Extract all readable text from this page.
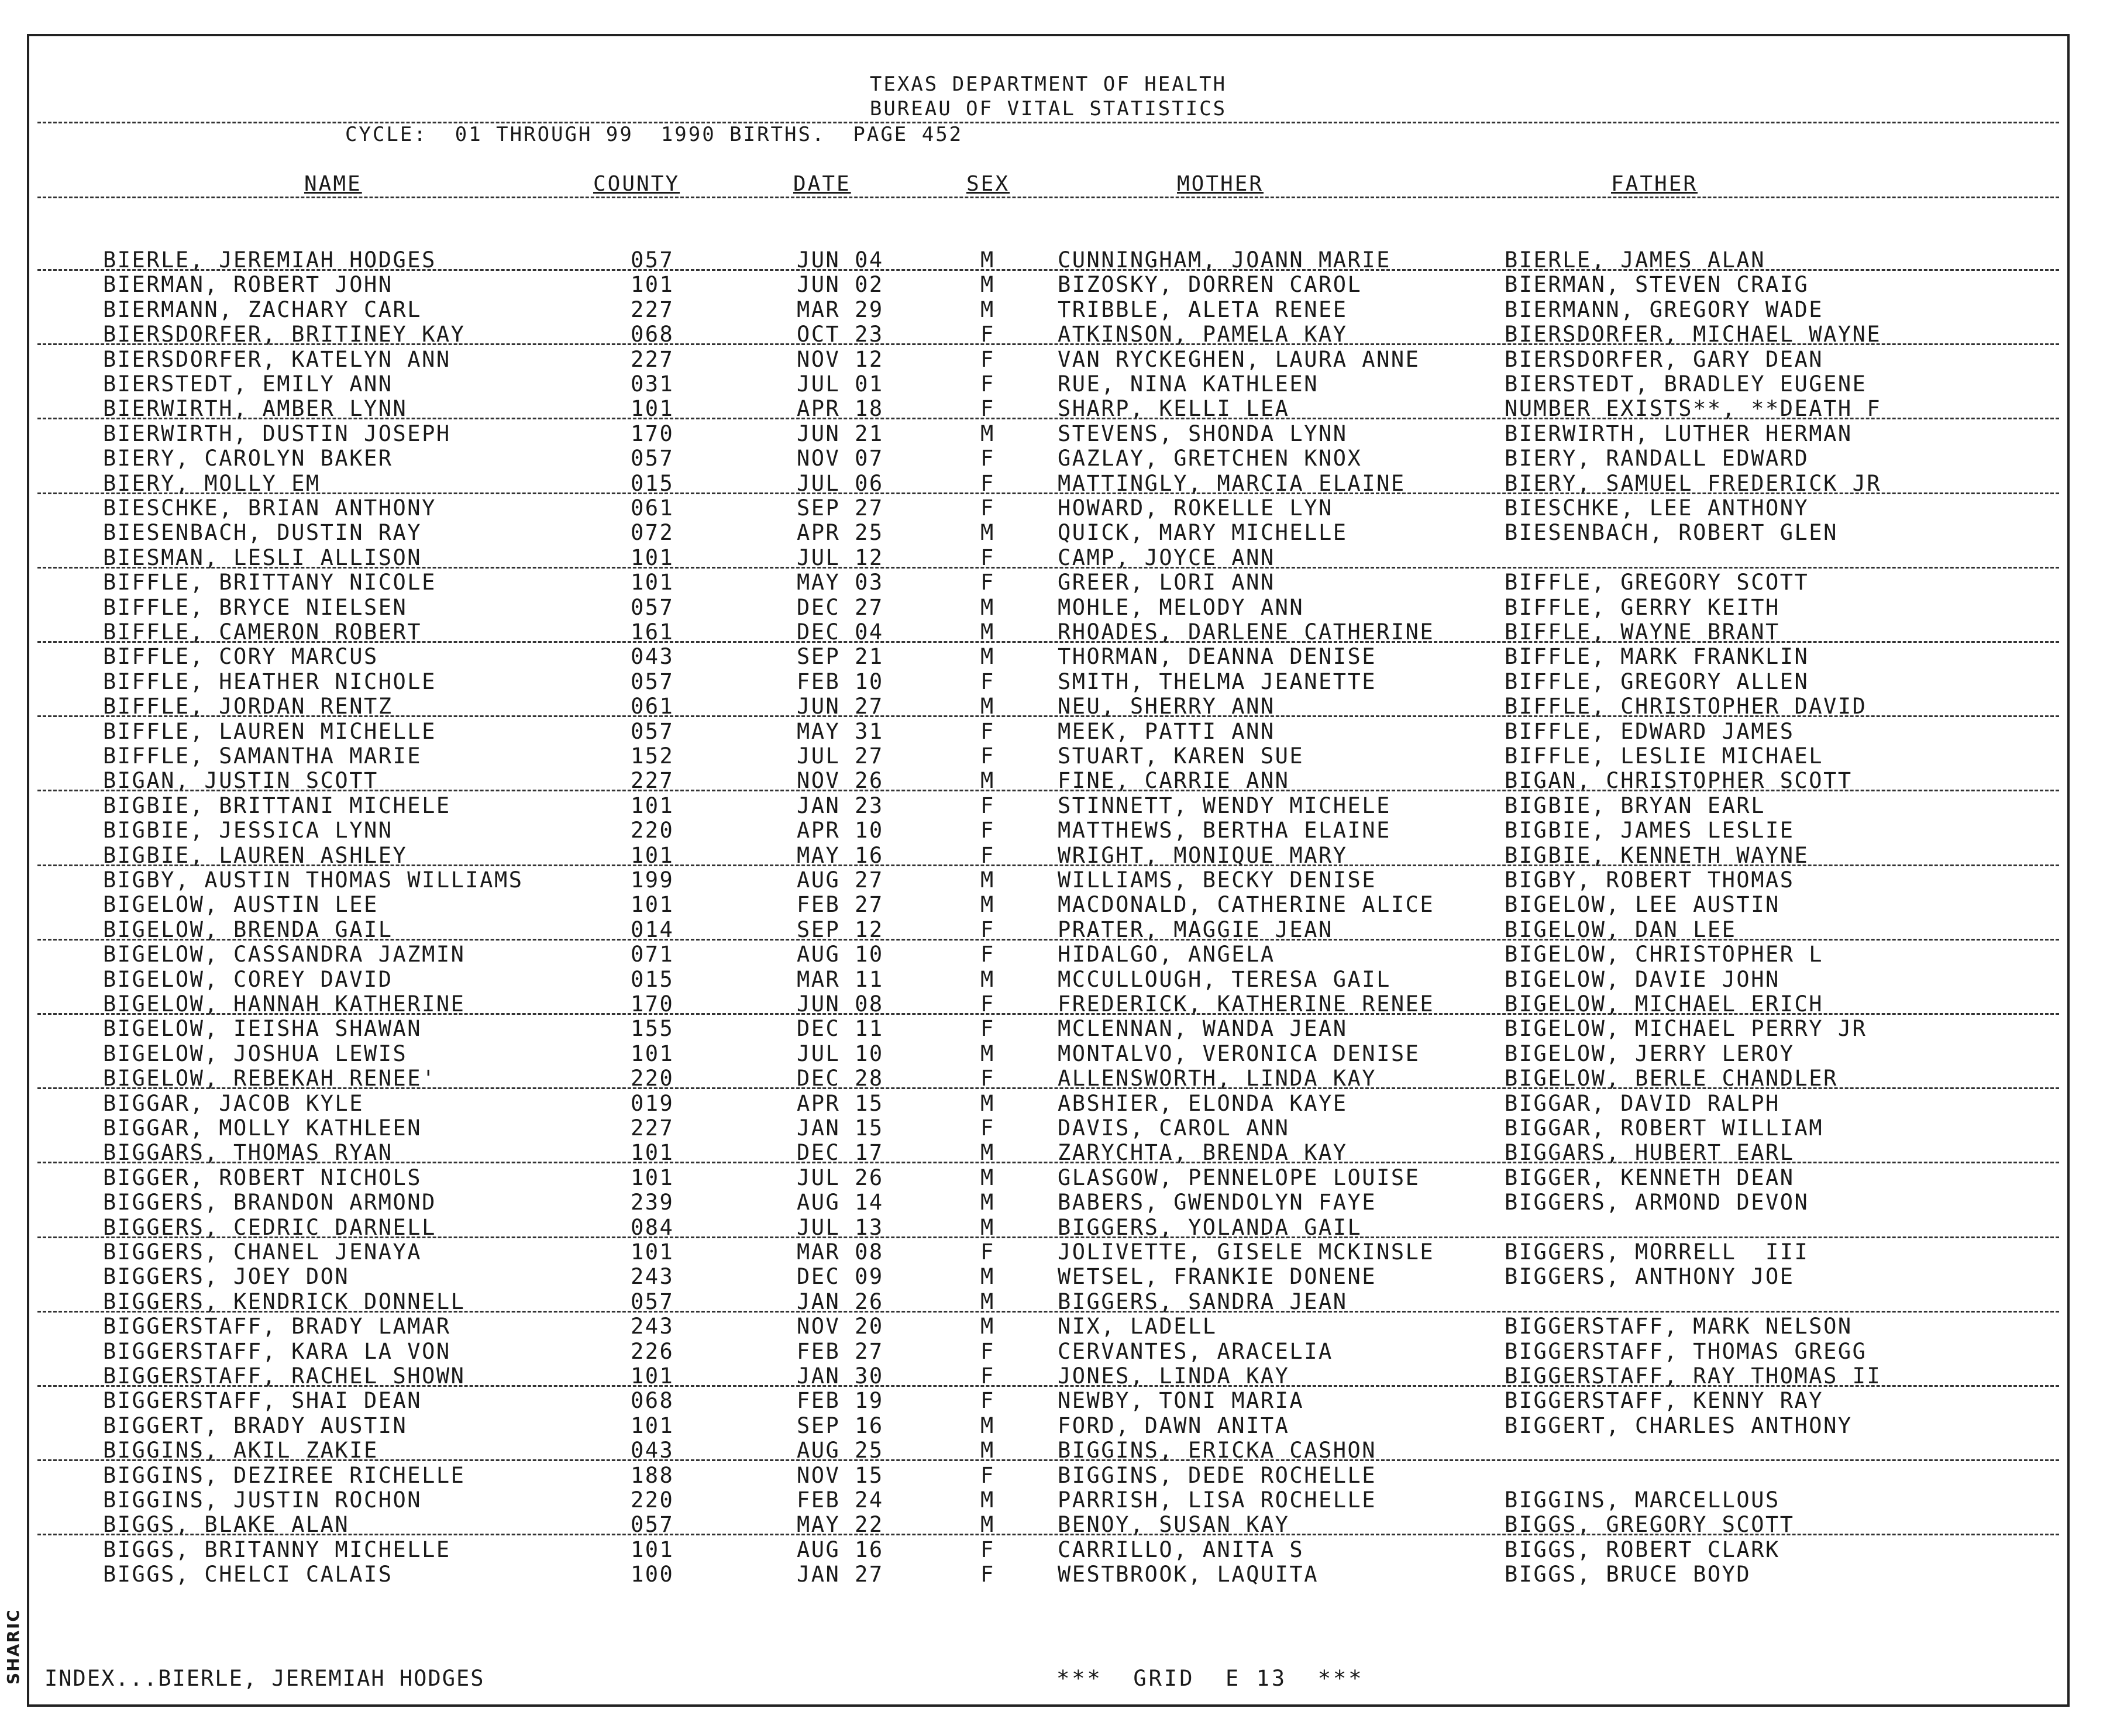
TEXAS DEPARTMENT OF HEALTH
BUREAU OF VITAL STATISTICS
CYCLE:  01 THROUGH 99  1990 BIRTHS.  PAGE 452
NAME	COUNTY	DATE	SEX	MOTHER	FATHER
BIERLE, JEREMIAH HODGES	057	JUN 04	M	CUNNINGHAM, JOANN MARIE	BIERLE, JAMES ALAN
BIERMAN, ROBERT JOHN	101	JUN 02	M	BIZOSKY, DORREN CAROL	BIERMAN, STEVEN CRAIG
BIERMANN, ZACHARY CARL	227	MAR 29	M	TRIBBLE, ALETA RENEE	BIERMANN, GREGORY WADE
BIERSDORFER, BRITINEY KAY	068	OCT 23	F	ATKINSON, PAMELA KAY	BIERSDORFER, MICHAEL WAYNE
BIERSDORFER, KATELYN ANN	227	NOV 12	F	VAN RYCKEGHEN, LAURA ANNE	BIERSDORFER, GARY DEAN
BIERSTEDT, EMILY ANN	031	JUL 01	F	RUE, NINA KATHLEEN	BIERSTEDT, BRADLEY EUGENE
BIERWIRTH, AMBER LYNN	101	APR 18	F	SHARP, KELLI LEA	NUMBER EXISTS**, **DEATH F
BIERWIRTH, DUSTIN JOSEPH	170	JUN 21	M	STEVENS, SHONDA LYNN	BIERWIRTH, LUTHER HERMAN
BIERY, CAROLYN BAKER	057	NOV 07	F	GAZLAY, GRETCHEN KNOX	BIERY, RANDALL EDWARD
BIERY, MOLLY EM	015	JUL 06	F	MATTINGLY, MARCIA ELAINE	BIERY, SAMUEL FREDERICK JR
BIESCHKE, BRIAN ANTHONY	061	SEP 27	F	HOWARD, ROKELLE LYN	BIESCHKE, LEE ANTHONY
BIESENBACH, DUSTIN RAY	072	APR 25	M	QUICK, MARY MICHELLE	BIESENBACH, ROBERT GLEN
BIESMAN, LESLI ALLISON	101	JUL 12	F	CAMP, JOYCE ANN
BIFFLE, BRITTANY NICOLE	101	MAY 03	F	GREER, LORI ANN	BIFFLE, GREGORY SCOTT
BIFFLE, BRYCE NIELSEN	057	DEC 27	M	MOHLE, MELODY ANN	BIFFLE, GERRY KEITH
BIFFLE, CAMERON ROBERT	161	DEC 04	M	RHOADES, DARLENE CATHERINE	BIFFLE, WAYNE BRANT
BIFFLE, CORY MARCUS	043	SEP 21	M	THORMAN, DEANNA DENISE	BIFFLE, MARK FRANKLIN
BIFFLE, HEATHER NICHOLE	057	FEB 10	F	SMITH, THELMA JEANETTE	BIFFLE, GREGORY ALLEN
BIFFLE, JORDAN RENTZ	061	JUN 27	M	NEU, SHERRY ANN	BIFFLE, CHRISTOPHER DAVID
BIFFLE, LAUREN MICHELLE	057	MAY 31	F	MEEK, PATTI ANN	BIFFLE, EDWARD JAMES
BIFFLE, SAMANTHA MARIE	152	JUL 27	F	STUART, KAREN SUE	BIFFLE, LESLIE MICHAEL
BIGAN, JUSTIN SCOTT	227	NOV 26	M	FINE, CARRIE ANN	BIGAN, CHRISTOPHER SCOTT
BIGBIE, BRITTANI MICHELE	101	JAN 23	F	STINNETT, WENDY MICHELE	BIGBIE, BRYAN EARL
BIGBIE, JESSICA LYNN	220	APR 10	F	MATTHEWS, BERTHA ELAINE	BIGBIE, JAMES LESLIE
BIGBIE, LAUREN ASHLEY	101	MAY 16	F	WRIGHT, MONIQUE MARY	BIGBIE, KENNETH WAYNE
BIGBY, AUSTIN THOMAS WILLIAMS	199	AUG 27	M	WILLIAMS, BECKY DENISE	BIGBY, ROBERT THOMAS
BIGELOW, AUSTIN LEE	101	FEB 27	M	MACDONALD, CATHERINE ALICE	BIGELOW, LEE AUSTIN
BIGELOW, BRENDA GAIL	014	SEP 12	F	PRATER, MAGGIE JEAN	BIGELOW, DAN LEE
BIGELOW, CASSANDRA JAZMIN	071	AUG 10	F	HIDALGO, ANGELA	BIGELOW, CHRISTOPHER L
BIGELOW, COREY DAVID	015	MAR 11	M	MCCULLOUGH, TERESA GAIL	BIGELOW, DAVIE JOHN
BIGELOW, HANNAH KATHERINE	170	JUN 08	F	FREDERICK, KATHERINE RENEE	BIGELOW, MICHAEL ERICH
BIGELOW, IEISHA SHAWAN	155	DEC 11	F	MCLENNAN, WANDA JEAN	BIGELOW, MICHAEL PERRY JR
BIGELOW, JOSHUA LEWIS	101	JUL 10	M	MONTALVO, VERONICA DENISE	BIGELOW, JERRY LEROY
BIGELOW, REBEKAH RENEE'	220	DEC 28	F	ALLENSWORTH, LINDA KAY	BIGELOW, BERLE CHANDLER
BIGGAR, JACOB KYLE	019	APR 15	M	ABSHIER, ELONDA KAYE	BIGGAR, DAVID RALPH
BIGGAR, MOLLY KATHLEEN	227	JAN 15	F	DAVIS, CAROL ANN	BIGGAR, ROBERT WILLIAM
BIGGARS, THOMAS RYAN	101	DEC 17	M	ZARYCHTA, BRENDA KAY	BIGGARS, HUBERT EARL
BIGGER, ROBERT NICHOLS	101	JUL 26	M	GLASGOW, PENNELOPE LOUISE	BIGGER, KENNETH DEAN
BIGGERS, BRANDON ARMOND	239	AUG 14	M	BABERS, GWENDOLYN FAYE	BIGGERS, ARMOND DEVON
BIGGERS, CEDRIC DARNELL	084	JUL 13	M	BIGGERS, YOLANDA GAIL
BIGGERS, CHANEL JENAYA	101	MAR 08	F	JOLIVETTE, GISELE MCKINSLE	BIGGERS, MORRELL  III
BIGGERS, JOEY DON	243	DEC 09	M	WETSEL, FRANKIE DONENE	BIGGERS, ANTHONY JOE
BIGGERS, KENDRICK DONNELL	057	JAN 26	M	BIGGERS, SANDRA JEAN
BIGGERSTAFF, BRADY LAMAR	243	NOV 20	M	NIX, LADELL	BIGGERSTAFF, MARK NELSON
BIGGERSTAFF, KARA LA VON	226	FEB 27	F	CERVANTES, ARACELIA	BIGGERSTAFF, THOMAS GREGG
BIGGERSTAFF, RACHEL SHOWN	101	JAN 30	F	JONES, LINDA KAY	BIGGERSTAFF, RAY THOMAS II
BIGGERSTAFF, SHAI DEAN	068	FEB 19	F	NEWBY, TONI MARIA	BIGGERSTAFF, KENNY RAY
BIGGERT, BRADY AUSTIN	101	SEP 16	M	FORD, DAWN ANITA	BIGGERT, CHARLES ANTHONY
BIGGINS, AKIL ZAKIE	043	AUG 25	M	BIGGINS, ERICKA CASHON
BIGGINS, DEZIREE RICHELLE	188	NOV 15	F	BIGGINS, DEDE ROCHELLE
BIGGINS, JUSTIN ROCHON	220	FEB 24	M	PARRISH, LISA ROCHELLE	BIGGINS, MARCELLOUS
BIGGS, BLAKE ALAN	057	MAY 22	M	BENOY, SUSAN KAY	BIGGS, GREGORY SCOTT
BIGGS, BRITANNY MICHELLE	101	AUG 16	F	CARRILLO, ANITA S	BIGGS, ROBERT CLARK
BIGGS, CHELCI CALAIS	100	JAN 27	F	WESTBROOK, LAQUITA	BIGGS, BRUCE BOYD
INDEX...BIERLE, JEREMIAH HODGES	***  GRID  E 13  ***
SHARIC
